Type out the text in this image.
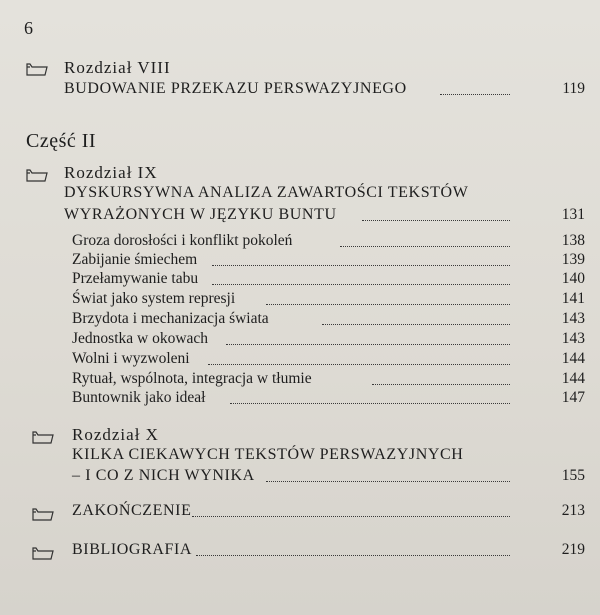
6
Rozdział VIII
BUDOWANIE PRZEKAZU PERSWAZYJNEGO	119
Część II
Rozdział IX
DYSKURSYWNA ANALIZA ZAWARTOŚCI TEKSTÓW
WYRAŻONYCH W JĘZYKU BUNTU	131
Groza dorosłości i konflikt pokoleń	138
Zabijanie śmiechem	139
Przełamywanie tabu	140
Świat jako system represji	141
Brzydota i mechanizacja świata	143
Jednostka w okowach	143
Wolni i wyzwoleni	144
Rytuał, wspólnota, integracja w tłumie	144
Buntownik jako ideał	147
Rozdział X
KILKA CIEKAWYCH TEKSTÓW PERSWAZYJNYCH
– I CO Z NICH WYNIKA	155
ZAKOŃCZENIE	213
BIBLIOGRAFIA	219
